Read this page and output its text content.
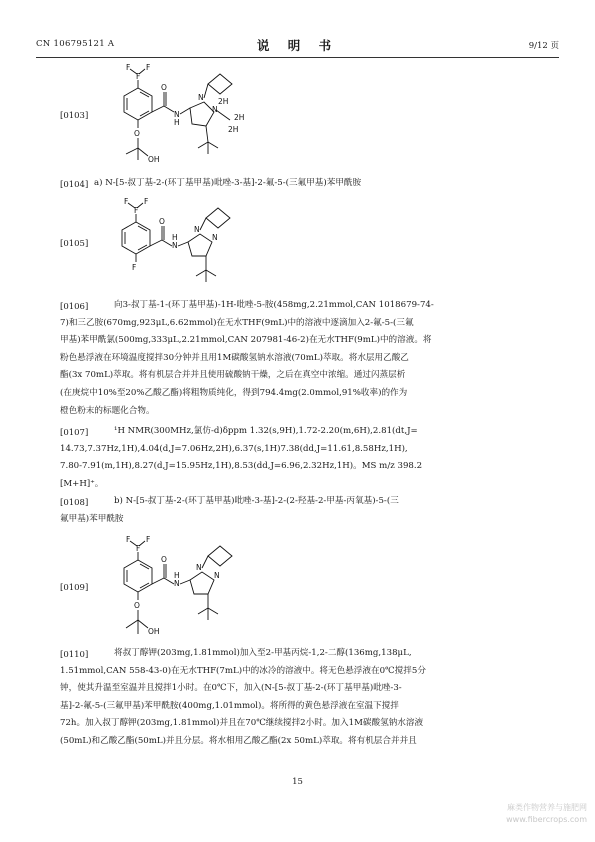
CN 106795121 A	说 明 书	9/12 页
[0103]
F F
F
O
N
H
N
N
2H
2H
2H
O
OH
[0104] a) N-[5-叔丁基-2-(环丁基甲基)吡唑-3-基]-2-氟-5-(三氟甲基)苯甲酰胺
[0105]
F F
F
O
N
H
N
N
F
[0106]	向3-叔丁基-1-(环丁基甲基)-1H-吡唑-5-胺(458mg,2.21mmol,CAN 1018679-74-
7)和三乙胺(670mg,923μL,6.62mmol)在无水THF(9mL)中的溶液中逐滴加入2-氟-5-(三氟
甲基)苯甲酰氯(500mg,333μL,2.21mmol,CAN 207981-46-2)在无水THF(9mL)中的溶液。将
粉色悬浮液在环境温度搅拌30分钟并且用1M碳酸氢钠水溶液(70mL)萃取。将水层用乙酸乙
酯(3x 70mL)萃取。将有机层合并并且使用硫酸钠干燥，之后在真空中浓缩。通过闪蒸层析
(在庚烷中10%至20%乙酸乙酯)将粗物质纯化，得到794.4mg(2.0mmol,91%收率)的作为
橙色粉末的标题化合物。
[0107]	¹H NMR(300MHz,氯仿-d)δppm 1.32(s,9H),1.72-2.20(m,6H),2.81(dt,J=
14.73,7.37Hz,1H),4.04(d,J=7.06Hz,2H),6.37(s,1H)7.38(dd,J=11.61,8.58Hz,1H),
7.80-7.91(m,1H),8.27(d,J=15.95Hz,1H),8.53(dd,J=6.96,2.32Hz,1H)。MS m/z 398.2
[M+H]⁺。
[0108]	b) N-[5-叔丁基-2-(环丁基甲基)吡唑-3-基]-2-(2-羟基-2-甲基-丙氧基)-5-(三
氟甲基)苯甲酰胺
[0109]
F F
F
O
N
H
N
N
O
OH
[0110]	将叔丁醇钾(203mg,1.81mmol)加入至2-甲基丙烷-1,2-二醇(136mg,138μL,
1.51mmol,CAN 558-43-0)在无水THF(7mL)中的冰冷的溶液中。将无色悬浮液在0℃搅拌5分
钟，使其升温至室温并且搅拌1小时。在0℃下，加入(N-[5-叔丁基-2-(环丁基甲基)吡唑-3-
基]-2-氟-5-(三氟甲基)苯甲酰胺(400mg,1.01mmol)。将所得的黄色悬浮液在室温下搅拌
72h。加入叔丁醇钾(203mg,1.81mmol)并且在70℃继续搅拌2小时。加入1M碳酸氢钠水溶液
(50mL)和乙酸乙酯(50mL)并且分层。将水相用乙酸乙酯(2x 50mL)萃取。将有机层合并并且
15
麻类作物营养与施肥网
www.fibercrops.com
